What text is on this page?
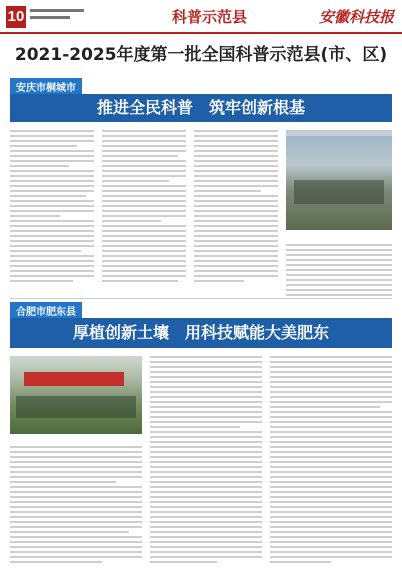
10	科普示范县	安徽科技报
2021-2025年度第一批全国科普示范县(市、区)
安庆市桐城市
推进全民科普　筑牢创新根基
合肥市肥东县
厚植创新土壤　用科技赋能大美肥东
